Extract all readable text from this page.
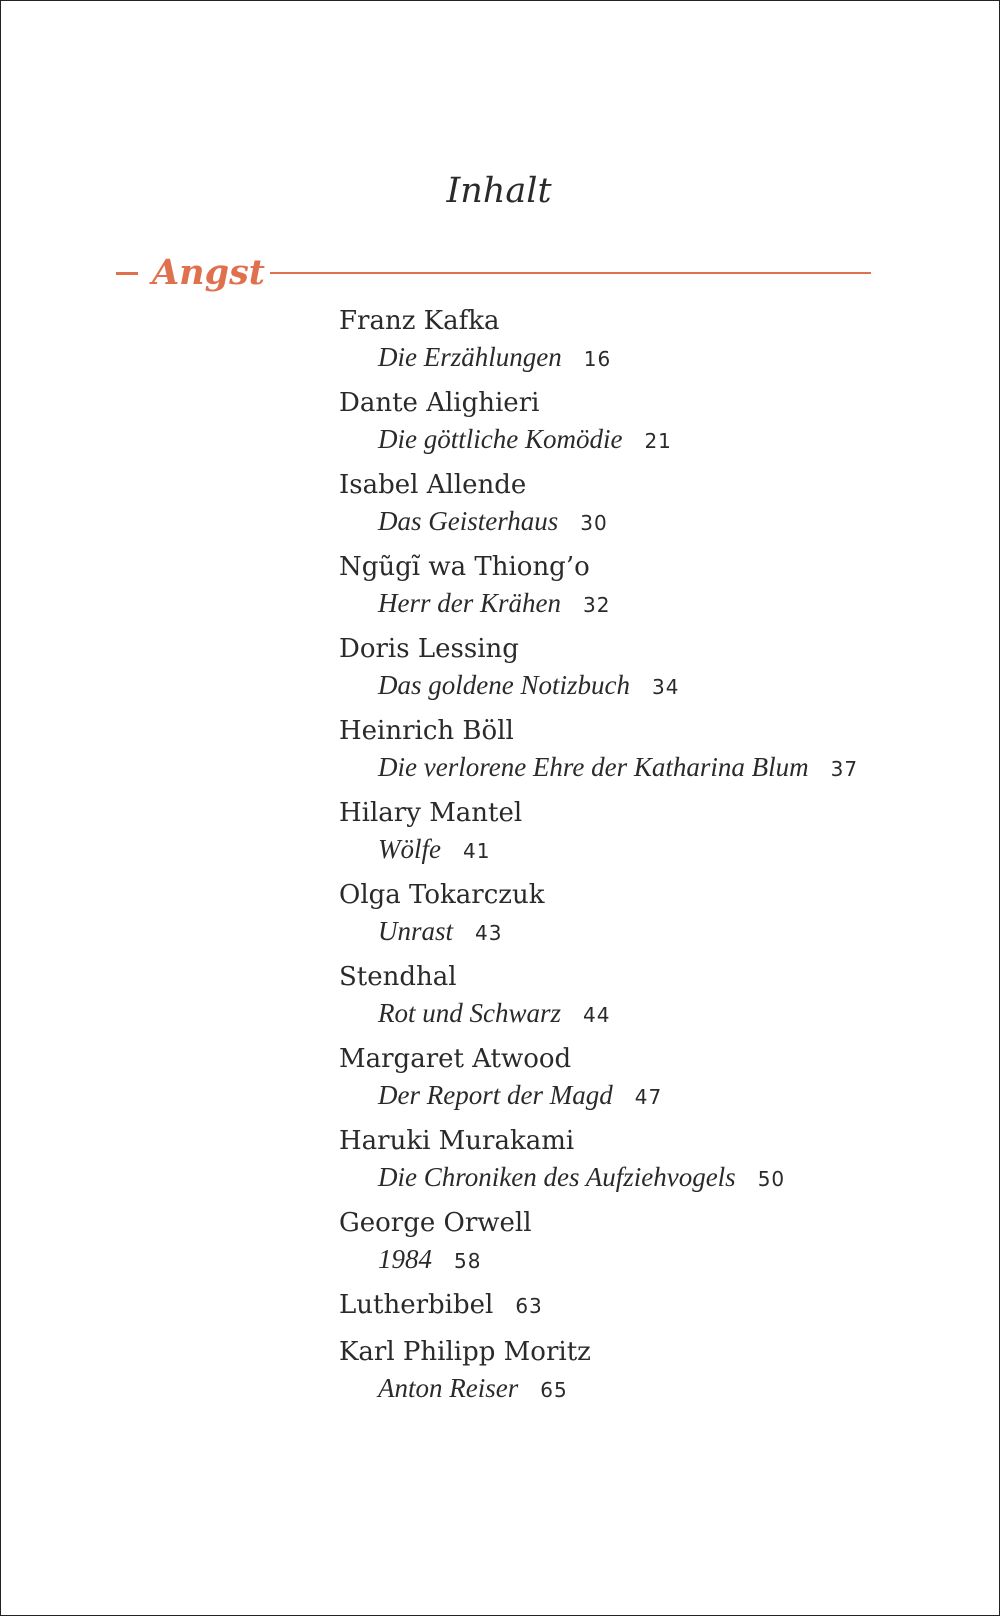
Inhalt
Angst
Franz Kafka
Die Erzählungen 16
Dante Alighieri
Die göttliche Komödie 21
Isabel Allende
Das Geisterhaus 30
Ngũgĩ wa Thiong’o
Herr der Krähen 32
Doris Lessing
Das goldene Notizbuch 34
Heinrich Böll
Die verlorene Ehre der Katharina Blum 37
Hilary Mantel
Wölfe 41
Olga Tokarczuk
Unrast 43
Stendhal
Rot und Schwarz 44
Margaret Atwood
Der Report der Magd 47
Haruki Murakami
Die Chroniken des Aufziehvogels 50
George Orwell
1984 58
Lutherbibel 63
Karl Philipp Moritz
Anton Reiser 65
